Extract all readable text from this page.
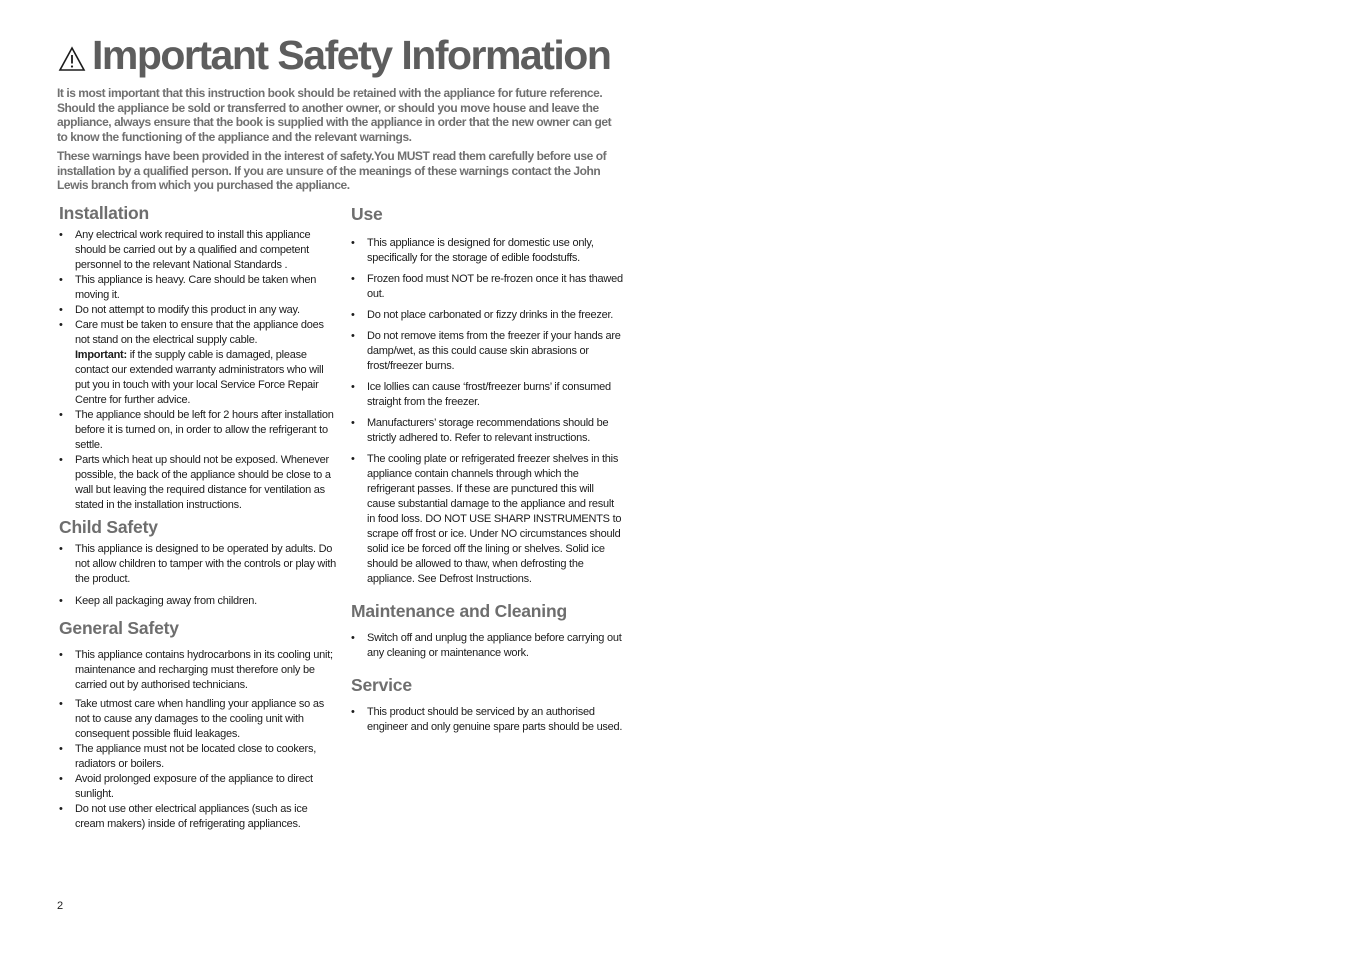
Important Safety Information

It is most important that this instruction book should be retained with the appliance for future reference. Should the appliance be sold or transferred to another owner, or should you move house and leave the appliance, always ensure that the book is supplied with the appliance in order that the new owner can get to know the functioning of the appliance and the relevant warnings.

These warnings have been provided in the interest of safety.You MUST read them carefully before use of installation by a qualified person. If you are unsure of the meanings of these warnings contact the John Lewis branch from which you purchased the appliance.

Installation
• Any electrical work required to install this appliance should be carried out by a qualified and competent personnel to the relevant National Standards .
• This appliance is heavy. Care should be taken when moving it.
• Do not attempt to modify this product in any way.
• Care must be taken to ensure that the appliance does not stand on the electrical supply cable.
Important: if the supply cable is damaged, please contact our extended warranty administrators who will put you in touch with your local Service Force Repair Centre for further advice.
• The appliance should be left for 2 hours after installation before it is turned on, in order to allow the refrigerant to settle.
• Parts which heat up should not be exposed. Whenever possible, the back of the appliance should be close to a wall but leaving the required distance for ventilation as stated in the installation instructions.
Child Safety
• This appliance is designed to be operated by adults. Do not allow children to tamper with the controls or play with the product.
• Keep all packaging away from children.
General Safety
• This appliance contains hydrocarbons in its cooling unit; maintenance and recharging must therefore only be carried out by authorised technicians.
• Take utmost care when handling your appliance so as not to cause any damages to the cooling unit with consequent possible fluid leakages.
• The appliance must not be located close to cookers, radiators or boilers.
• Avoid prolonged exposure of the appliance to direct sunlight.
• Do not use other electrical appliances (such as ice cream makers) inside of refrigerating appliances.
Use
• This appliance is designed for domestic use only, specifically for the storage of edible foodstuffs.
• Frozen food must NOT be re-frozen once it has thawed out.
• Do not place carbonated or fizzy drinks in the freezer.
• Do not remove items from the freezer if your hands are damp/wet, as this could cause skin abrasions or frost/freezer burns.
• Ice lollies can cause ‘frost/freezer burns’ if consumed straight from the freezer.
• Manufacturers’ storage recommendations should be strictly adhered to. Refer to relevant instructions.
• The cooling plate or refrigerated freezer shelves in this appliance contain channels through which the refrigerant passes. If these are punctured this will cause substantial damage to the appliance and result in food loss. DO NOT USE SHARP INSTRUMENTS to scrape off frost or ice. Under NO circumstances should solid ice be forced off the lining or shelves. Solid ice should be allowed to thaw, when defrosting the appliance. See Defrost Instructions.
Maintenance and Cleaning
• Switch off and unplug the appliance before carrying out any cleaning or maintenance work.
Service
• This product should be serviced by an authorised engineer and only genuine spare parts should be used.
2
